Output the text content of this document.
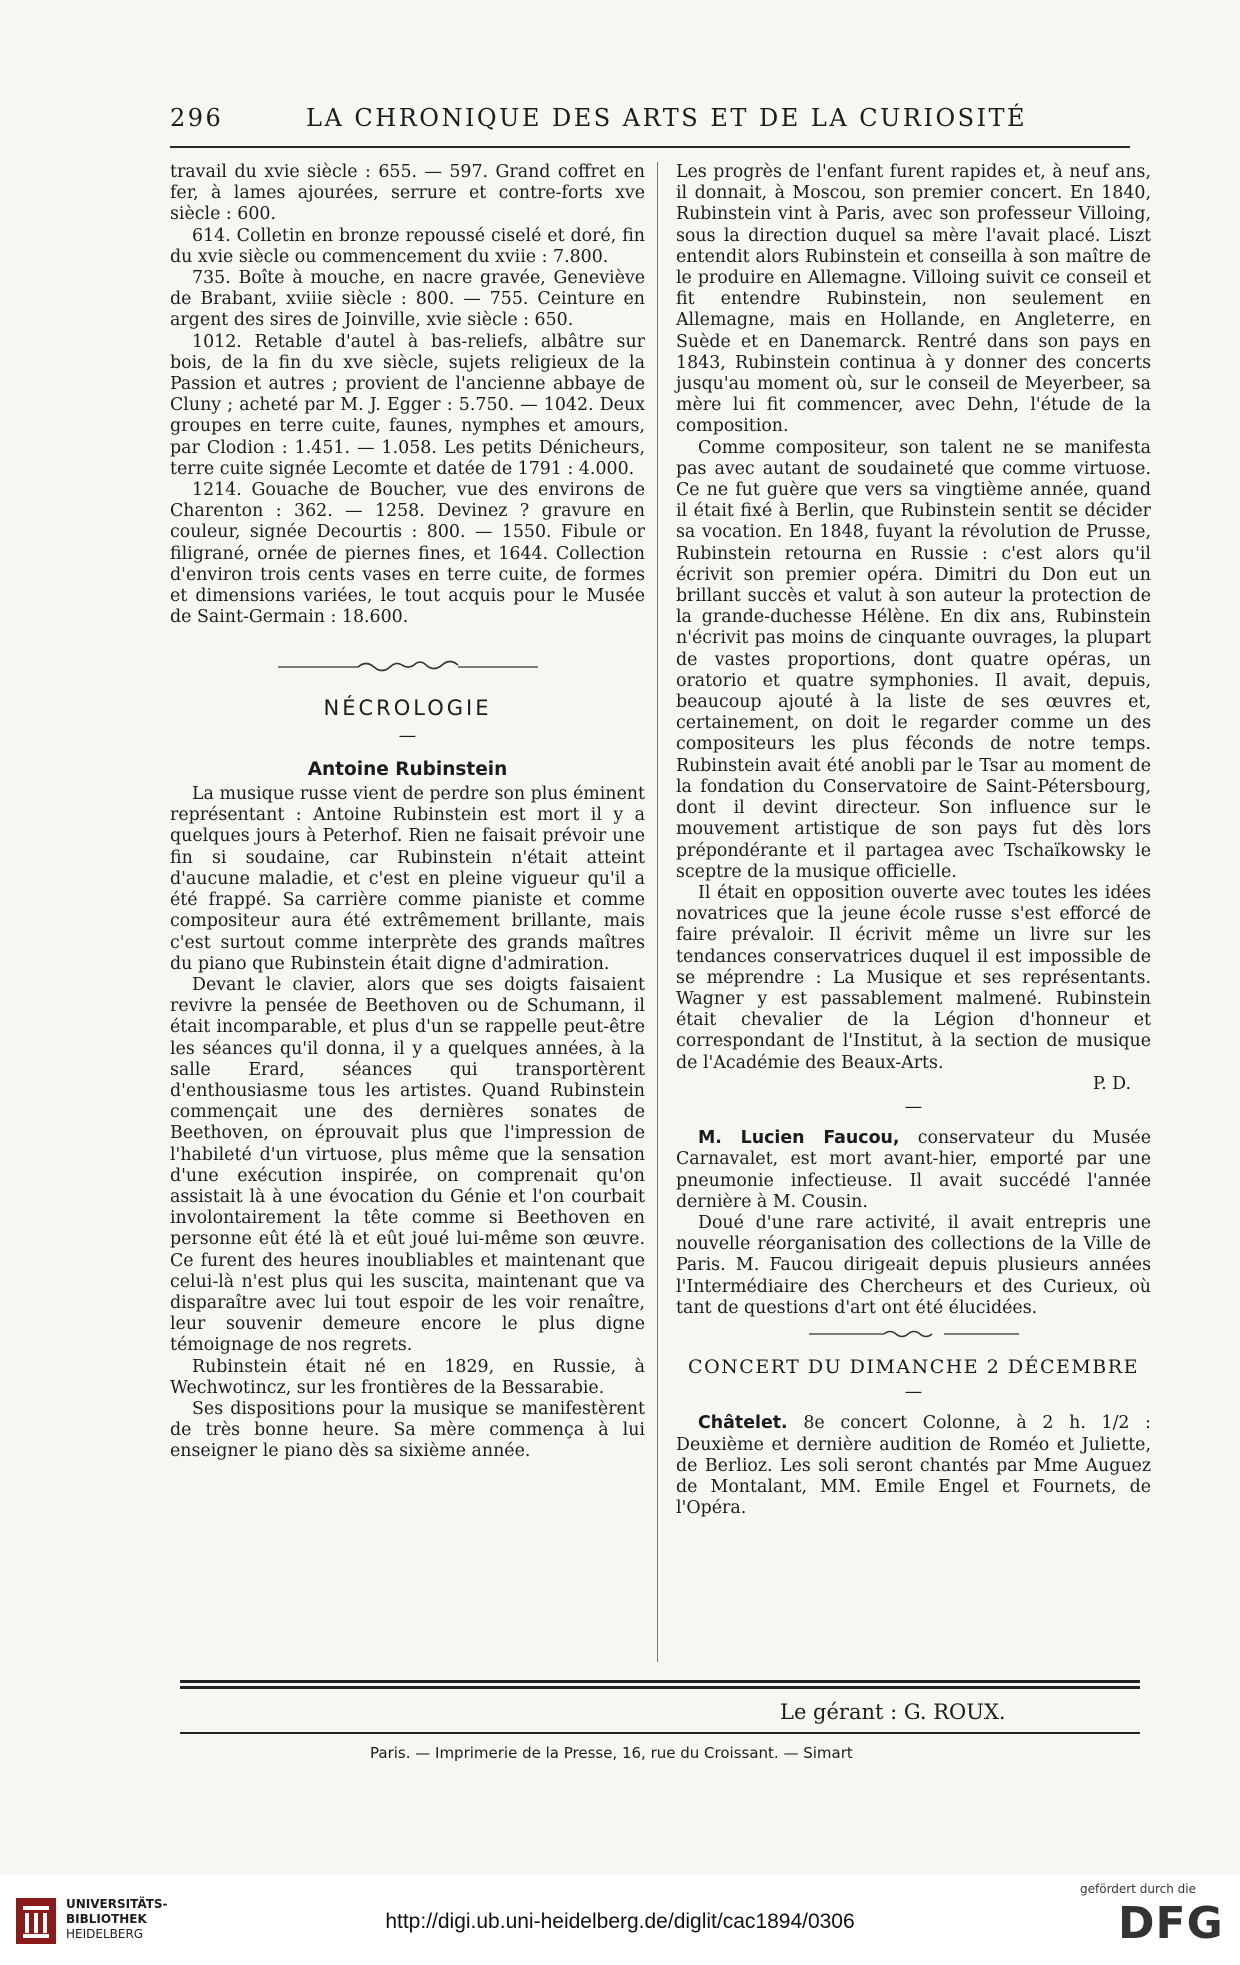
296	LA CHRONIQUE DES ARTS ET DE LA CURIOSITÉ

travail du xvie siècle : 655. — 597. Grand coffret en fer, à lames ajourées, serrure et contre-forts xve siècle : 600.

614. Colletin en bronze repoussé ciselé et doré, fin du xvie siècle ou commencement du xviie : 7.800.

735. Boîte à mouche, en nacre gravée, Geneviève de Brabant, xviiie siècle : 800. — 755. Ceinture en argent des sires de Joinville, xvie siècle : 650.

1012. Retable d'autel à bas-reliefs, albâtre sur bois, de la fin du xve siècle, sujets religieux de la Passion et autres ; provient de l'ancienne abbaye de Cluny ; acheté par M. J. Egger : 5.750. — 1042. Deux groupes en terre cuite, faunes, nymphes et amours, par Clodion : 1.451. — 1.058. Les petits Dénicheurs, terre cuite signée Lecomte et datée de 1791 : 4.000.

1214. Gouache de Boucher, vue des environs de Charenton : 362. — 1258. Devinez ? gravure en couleur, signée Decourtis : 800. — 1550. Fibule or filigrané, ornée de piernes fines, et 1644. Collection d'environ trois cents vases en terre cuite, de formes et dimensions variées, le tout acquis pour le Musée de Saint-Germain : 18.600.

NÉCROLOGIE
—
Antoine Rubinstein

La musique russe vient de perdre son plus éminent représentant : Antoine Rubinstein est mort il y a quelques jours à Peterhof. Rien ne faisait prévoir une fin si soudaine, car Rubinstein n'était atteint d'aucune maladie, et c'est en pleine vigueur qu'il a été frappé. Sa carrière comme pianiste et comme compositeur aura été extrêmement brillante, mais c'est surtout comme interprète des grands maîtres du piano que Rubinstein était digne d'admiration.

Devant le clavier, alors que ses doigts faisaient revivre la pensée de Beethoven ou de Schumann, il était incomparable, et plus d'un se rappelle peut-être les séances qu'il donna, il y a quelques années, à la salle Erard, séances qui transportèrent d'enthousiasme tous les artistes. Quand Rubinstein commençait une des dernières sonates de Beethoven, on éprouvait plus que l'impression de l'habileté d'un virtuose, plus même que la sensation d'une exécution inspirée, on comprenait qu'on assistait là à une évocation du Génie et l'on courbait involontairement la tête comme si Beethoven en personne eût été là et eût joué lui-même son œuvre. Ce furent des heures inoubliables et maintenant que celui-là n'est plus qui les suscita, maintenant que va disparaître avec lui tout espoir de les voir renaître, leur souvenir demeure encore le plus digne témoignage de nos regrets.

Rubinstein était né en 1829, en Russie, à Wechwotincz, sur les frontières de la Bessarabie.

Ses dispositions pour la musique se manifestèrent de très bonne heure. Sa mère commença à lui enseigner le piano dès sa sixième année.

Les progrès de l'enfant furent rapides et, à neuf ans, il donnait, à Moscou, son premier concert. En 1840, Rubinstein vint à Paris, avec son professeur Villoing, sous la direction duquel sa mère l'avait placé. Liszt entendit alors Rubinstein et conseilla à son maître de le produire en Allemagne. Villoing suivit ce conseil et fit entendre Rubinstein, non seulement en Allemagne, mais en Hollande, en Angleterre, en Suède et en Danemarck. Rentré dans son pays en 1843, Rubinstein continua à y donner des concerts jusqu'au moment où, sur le conseil de Meyerbeer, sa mère lui fit commencer, avec Dehn, l'étude de la composition.

Comme compositeur, son talent ne se manifesta pas avec autant de soudaineté que comme virtuose. Ce ne fut guère que vers sa vingtième année, quand il était fixé à Berlin, que Rubinstein sentit se décider sa vocation. En 1848, fuyant la révolution de Prusse, Rubinstein retourna en Russie : c'est alors qu'il écrivit son premier opéra. Dimitri du Don eut un brillant succès et valut à son auteur la protection de la grande-duchesse Hélène. En dix ans, Rubinstein n'écrivit pas moins de cinquante ouvrages, la plupart de vastes proportions, dont quatre opéras, un oratorio et quatre symphonies. Il avait, depuis, beaucoup ajouté à la liste de ses œuvres et, certainement, on doit le regarder comme un des compositeurs les plus féconds de notre temps. Rubinstein avait été anobli par le Tsar au moment de la fondation du Conservatoire de Saint-Pétersbourg, dont il devint directeur. Son influence sur le mouvement artistique de son pays fut dès lors prépondérante et il partagea avec Tschaïkowsky le sceptre de la musique officielle.

Il était en opposition ouverte avec toutes les idées novatrices que la jeune école russe s'est efforcé de faire prévaloir. Il écrivit même un livre sur les tendances conservatrices duquel il est impossible de se méprendre : La Musique et ses représentants. Wagner y est passablement malmené. Rubinstein était chevalier de la Légion d'honneur et correspondant de l'Institut, à la section de musique de l'Académie des Beaux-Arts.

P. D.

—

M. Lucien Faucou, conservateur du Musée Carnavalet, est mort avant-hier, emporté par une pneumonie infectieuse. Il avait succédé l'année dernière à M. Cousin.

Doué d'une rare activité, il avait entrepris une nouvelle réorganisation des collections de la Ville de Paris. M. Faucou dirigeait depuis plusieurs années l'Intermédiaire des Chercheurs et des Curieux, où tant de questions d'art ont été élucidées.

CONCERT DU DIMANCHE 2 DÉCEMBRE
—

Châtelet. 8e concert Colonne, à 2 h. 1/2 : Deuxième et dernière audition de Roméo et Juliette, de Berlioz. Les soli seront chantés par Mme Auguez de Montalant, MM. Emile Engel et Fournets, de l'Opéra.

Le gérant : G. ROUX.
Paris. — Imprimerie de la Presse, 16, rue du Croissant. — Simart
UNIVERSITÄTS-
BIBLIOTHEK
HEIDELBERG
http://digi.ub.uni-heidelberg.de/diglit/cac1894/0306
gefördert durch die
DFG
